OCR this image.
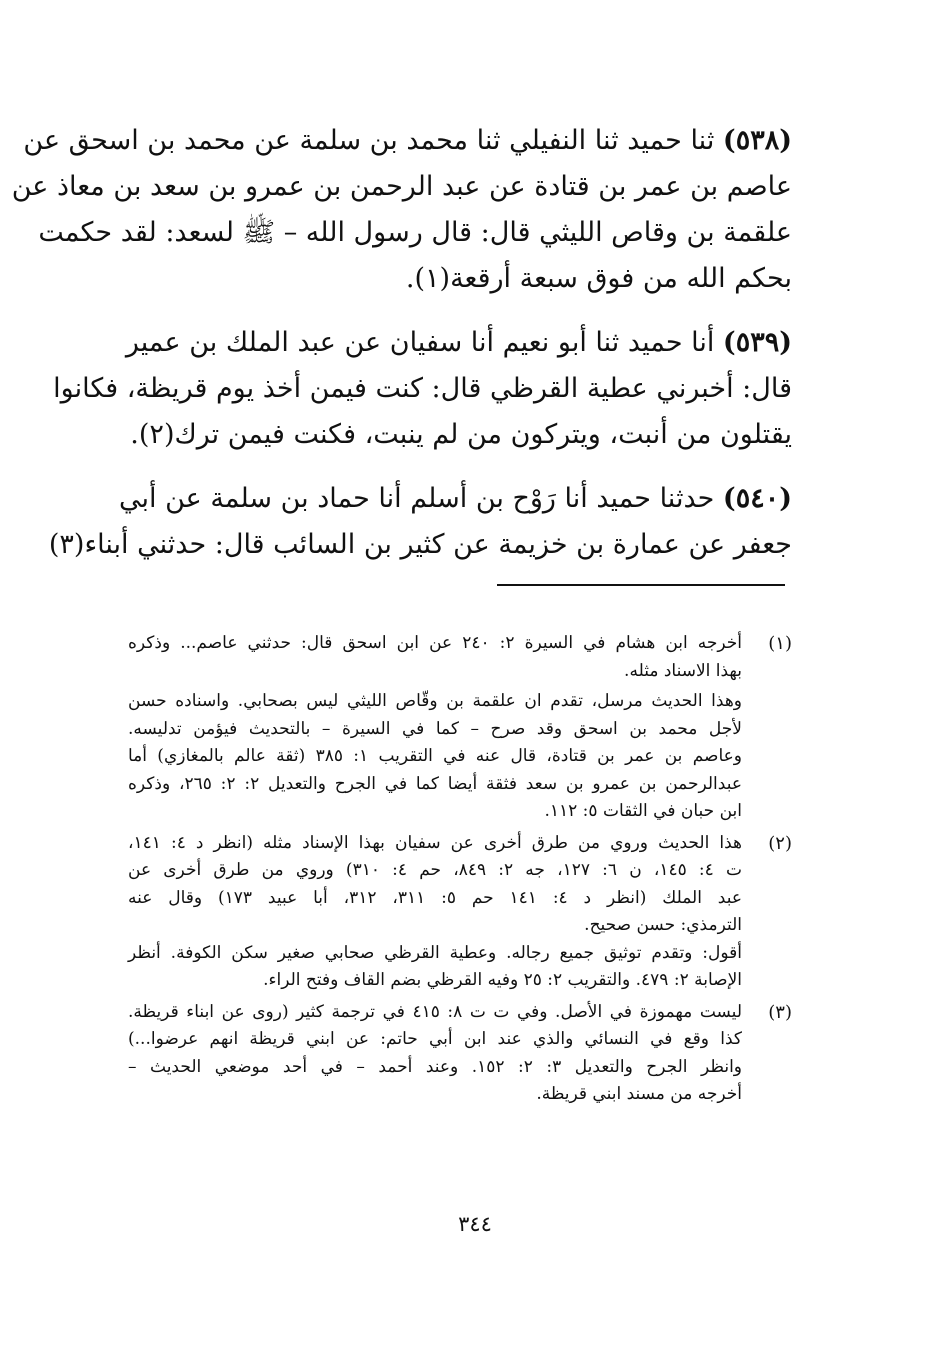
(٥٣٨) ثنا حميد ثنا النفيلي ثنا محمد بن سلمة عن محمد بن اسحق عن
عاصم بن عمر بن قتادة عن عبد الرحمن بن عمرو بن سعد بن معاذ عن
علقمة بن وقاص الليثي قال: قال رسول الله – ﷺ لسعد: لقد حكمت
بحكم الله من فوق سبعة أرقعة(١).
(٥٣٩) أنا حميد ثنا أبو نعيم أنا سفيان عن عبد الملك بن عمير
قال: أخبرني عطية القرظي قال: كنت فيمن أخذ يوم قريظة، فكانوا
يقتلون من أنبت، ويتركون من لم ينبت، فكنت فيمن ترك(٢).
(٥٤٠) حدثنا حميد أنا رَوْح بن أسلم أنا حماد بن سلمة عن أبي
جعفر عن عمارة بن خزيمة عن كثير بن السائب قال: حدثني أبناء(٣)
(١)
أخرجه ابن هشام في السيرة ٢: ٢٤٠ عن ابن اسحق قال: حدثني عاصم... وذكره
بهذا الاسناد مثله.
وهذا الحديث مرسل، تقدم ان علقمة بن وقّاص الليثي ليس بصحابي. واسناده حسن
لأجل محمد بن اسحق وقد صرح – كما في السيرة – بالتحديث فيؤمن تدليسه.
وعاصم بن عمر بن قتادة، قال عنه في التقريب ١: ٣٨٥ (ثقة عالم بالمغازي) أما
عبدالرحمن بن عمرو بن سعد فثقة أيضا كما في الجرح والتعديل ٢: ٢: ٢٦٥، وذكره
ابن حبان في الثقات ٥: ١١٢.
(٢)
هذا الحديث وروي من طرق أخرى عن سفيان بهذا الإسناد مثله (انظر د ٤: ١٤١،
ت ٤: ١٤٥، ن ٦: ١٢٧، جه ٢: ٨٤٩، حم ٤: ٣١٠) وروي من طرق أخرى عن
عبد الملك (انظر د ٤: ١٤١ حم ٥: ٣١١، ٣١٢، أبا عبيد ١٧٣) وقال عنه
الترمذي: حسن صحيح.
أقول: وتقدم توثيق جميع رجاله. وعطية القرظي صحابي صغير سكن الكوفة. أنظر
الإصابة ٢: ٤٧٩. والتقريب ٢: ٢٥ وفيه القرظي بضم القاف وفتح الراء.
(٣)
ليست مهموزة في الأصل. وفي ت ت ٨: ٤١٥ في ترجمة كثير (روى عن ابناء قريظة.
كذا وقع في النسائي والذي عند ابن أبي حاتم: عن ابني قريظة انهم عرضوا...)
وانظر الجرح والتعديل ٣: ٢: ١٥٢. وعند أحمد – في أحد موضعي الحديث –
أخرجه من مسند ابني قريظة.
٣٤٤
